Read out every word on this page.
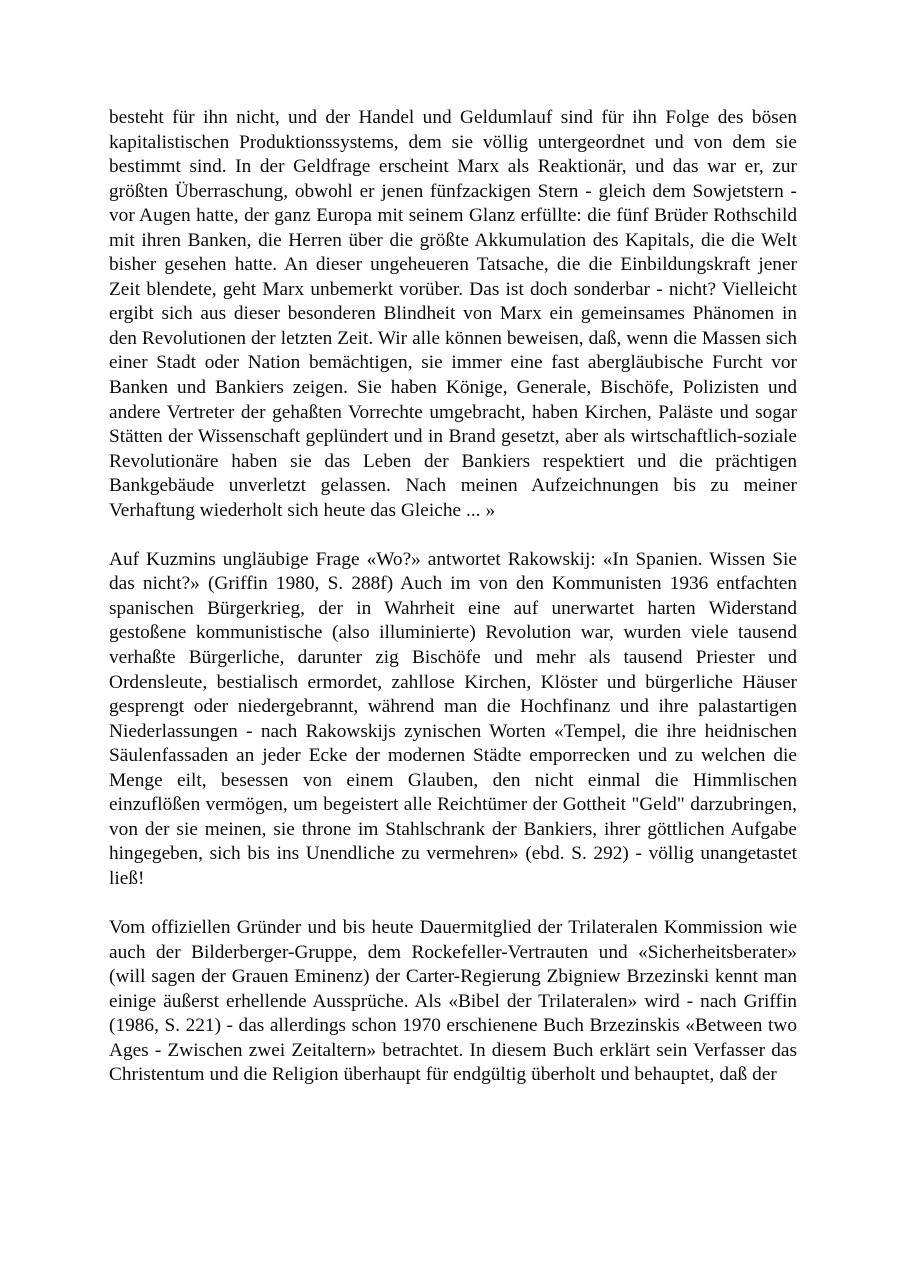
besteht für ihn nicht, und der Handel und Geldumlauf sind für ihn Folge des bösen kapitalistischen Produktionssystems, dem sie völlig untergeordnet und von dem sie bestimmt sind. In der Geldfrage erscheint Marx als Reaktionär, und das war er, zur größten Überraschung, obwohl er jenen fünfzackigen Stern - gleich dem Sowjetstern - vor Augen hatte, der ganz Europa mit seinem Glanz erfüllte: die fünf Brüder Rothschild mit ihren Banken, die Herren über die größte Akkumulation des Kapitals, die die Welt bisher gesehen hatte. An dieser ungeheueren Tatsache, die die Einbildungskraft jener Zeit blendete, geht Marx unbemerkt vorüber. Das ist doch sonderbar - nicht? Vielleicht ergibt sich aus dieser besonderen Blindheit von Marx ein gemeinsames Phänomen in den Revolutionen der letzten Zeit. Wir alle können beweisen, daß, wenn die Massen sich einer Stadt oder Nation bemächtigen, sie immer eine fast abergläubische Furcht vor Banken und Bankiers zeigen. Sie haben Könige, Generale, Bischöfe, Polizisten und andere Vertreter der gehaßten Vorrechte umgebracht, haben Kirchen, Paläste und sogar Stätten der Wissenschaft geplündert und in Brand gesetzt, aber als wirtschaftlich-soziale Revolutionäre haben sie das Leben der Bankiers respektiert und die prächtigen Bankgebäude unverletzt gelassen. Nach meinen Aufzeichnungen bis zu meiner Verhaftung wiederholt sich heute das Gleiche ... »

Auf Kuzmins ungläubige Frage «Wo?» antwortet Rakowskij: «In Spanien. Wissen Sie das nicht?» (Griffin 1980, S. 288f) Auch im von den Kommunisten 1936 entfachten spanischen Bürgerkrieg, der in Wahrheit eine auf unerwartet harten Widerstand gestoßene kommunistische (also illuminierte) Revolution war, wurden viele tausend verhaßte Bürgerliche, darunter zig Bischöfe und mehr als tausend Priester und Ordensleute, bestialisch ermordet, zahllose Kirchen, Klöster und bürgerliche Häuser gesprengt oder niedergebrannt, während man die Hochfinanz und ihre palastartigen Niederlassungen - nach Rakowskijs zynischen Worten «Tempel, die ihre heidnischen Säulenfassaden an jeder Ecke der modernen Städte emporrecken und zu welchen die Menge eilt, besessen von einem Glauben, den nicht einmal die Himmlischen einzuflößen vermögen, um begeistert alle Reichtümer der Gottheit "Geld" darzubringen, von der sie meinen, sie throne im Stahlschrank der Bankiers, ihrer göttlichen Aufgabe hingegeben, sich bis ins Unendliche zu vermehren» (ebd. S. 292) - völlig unangetastet ließ!

Vom offiziellen Gründer und bis heute Dauermitglied der Trilateralen Kommission wie auch der Bilderberger-Gruppe, dem Rockefeller-Vertrauten und «Sicherheitsberater» (will sagen der Grauen Eminenz) der Carter-Regierung Zbigniew Brzezinski kennt man einige äußerst erhellende Aussprüche. Als «Bibel der Trilateralen» wird - nach Griffin (1986, S. 221) - das allerdings schon 1970 erschienene Buch Brzezinskis «Between two Ages - Zwischen zwei Zeitaltern» betrachtet. In diesem Buch erklärt sein Verfasser das Christentum und die Religion überhaupt für endgültig überholt und behauptet, daß der
